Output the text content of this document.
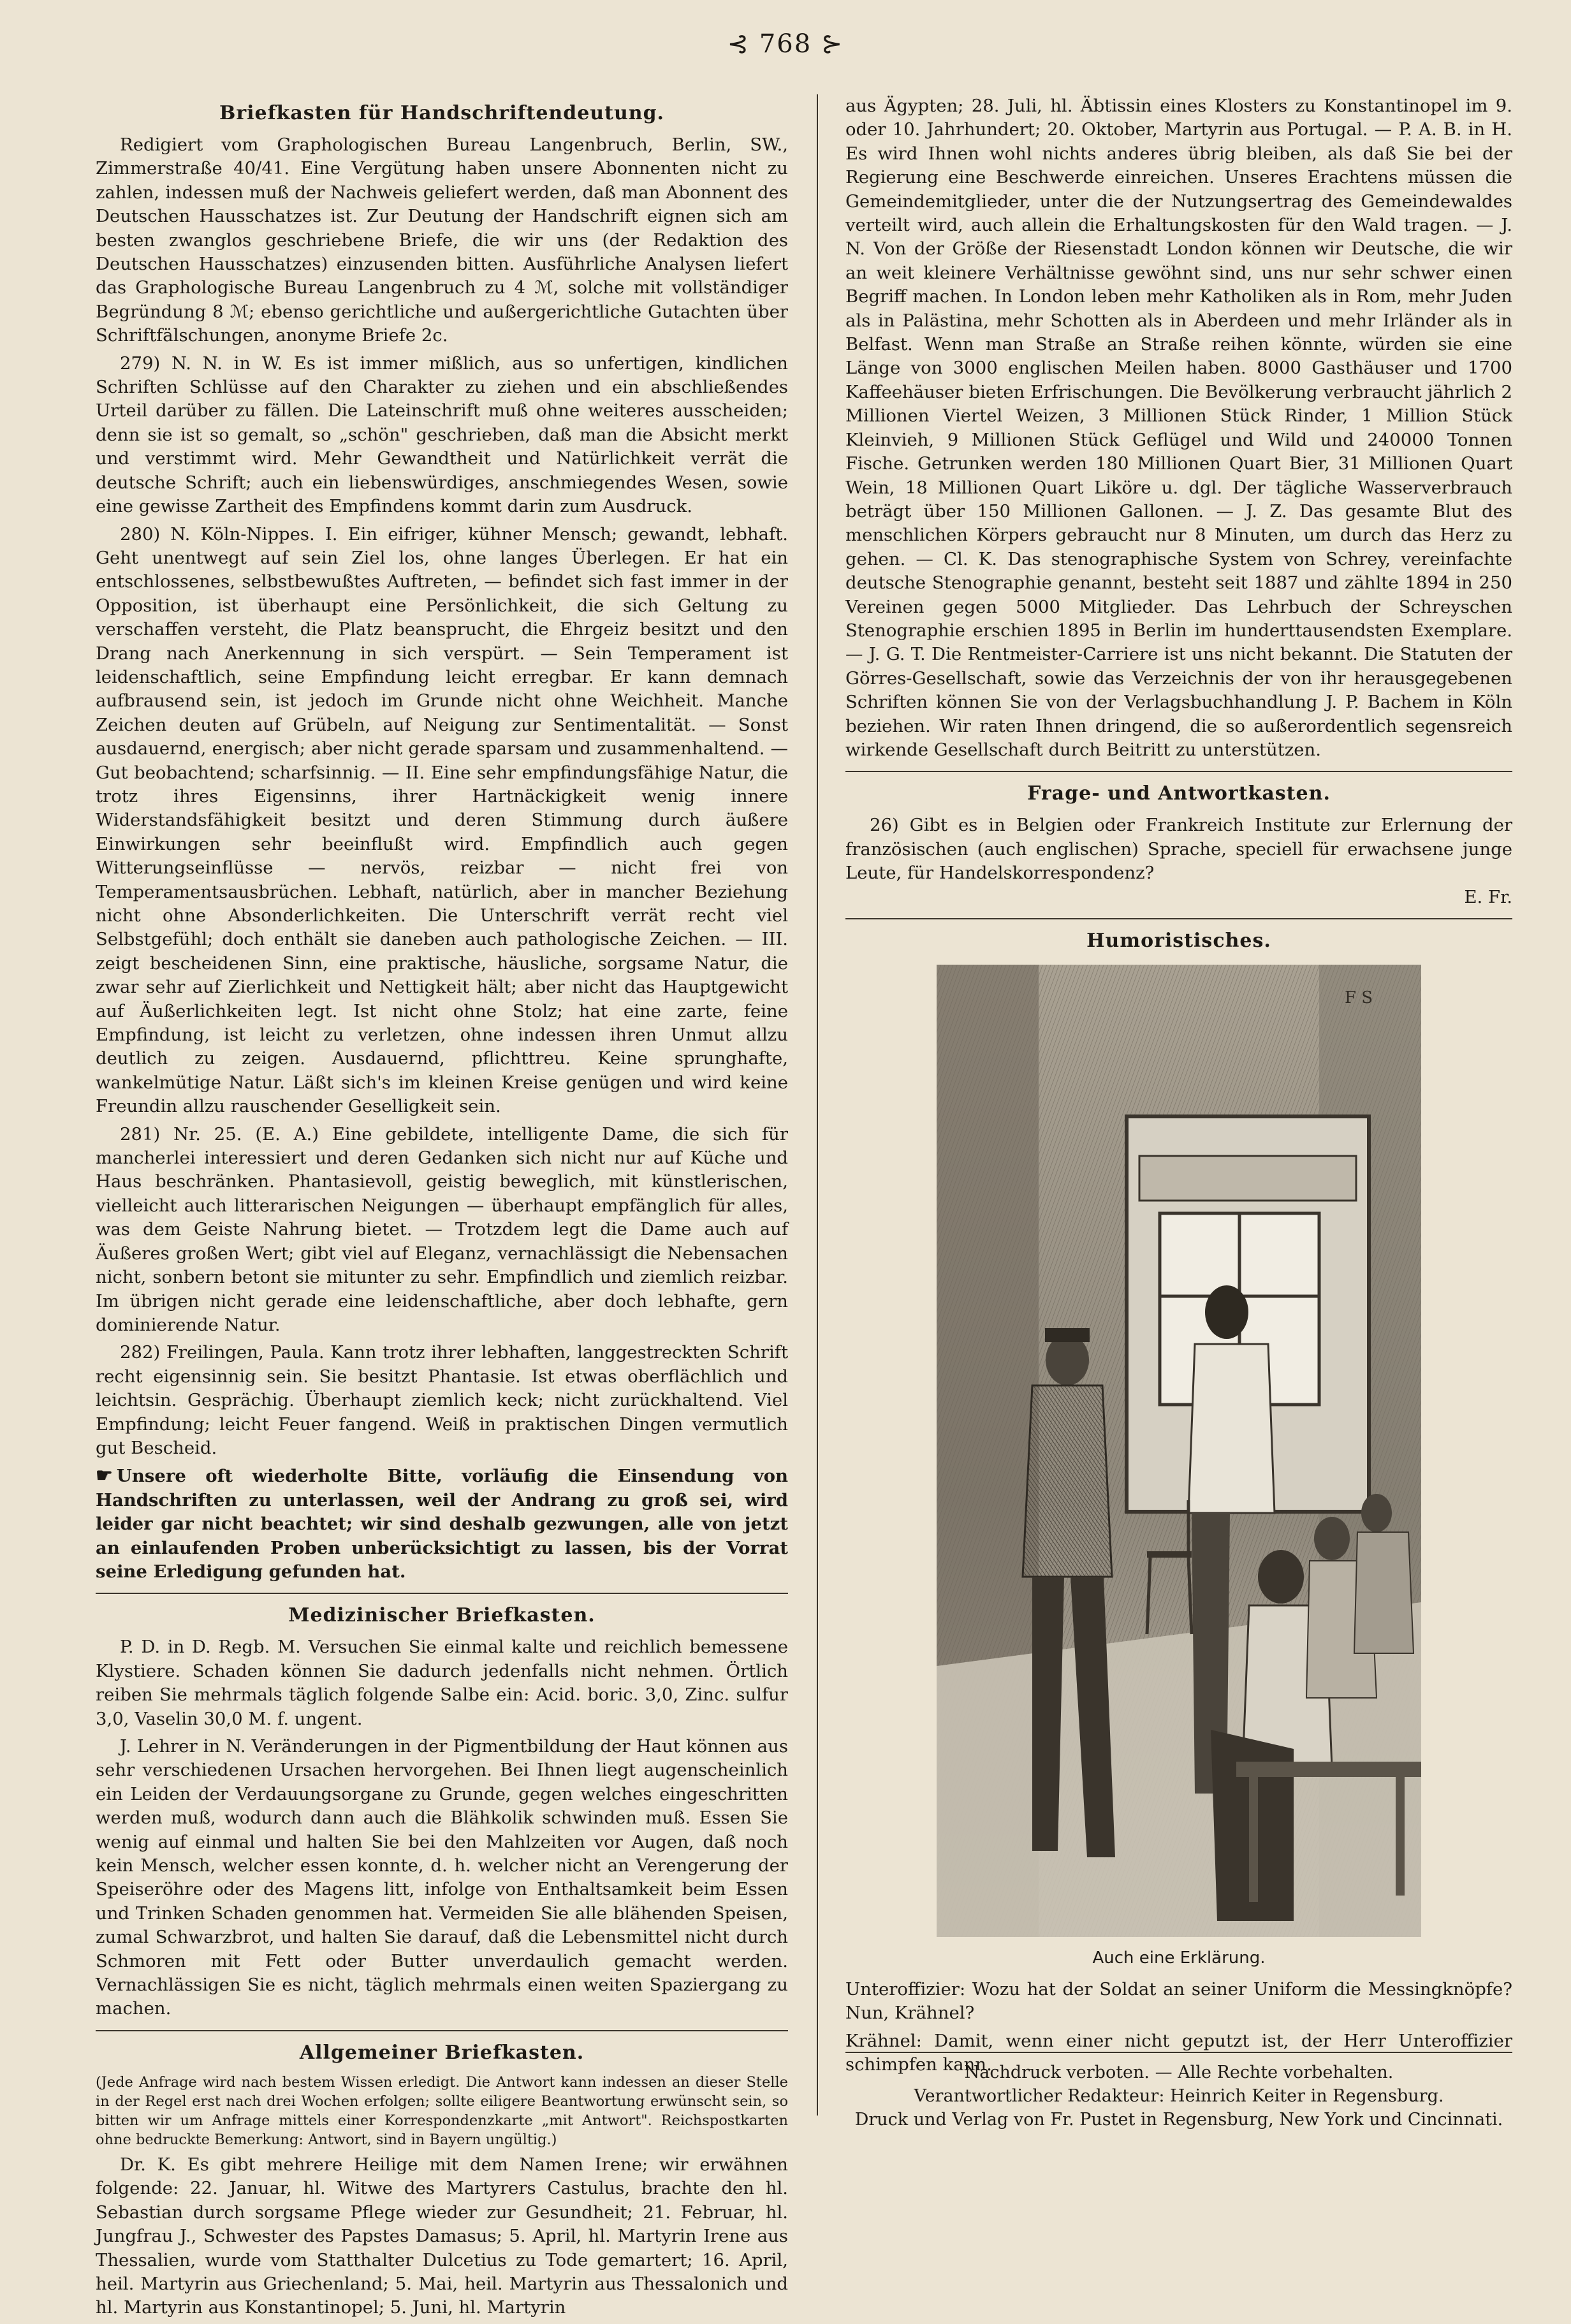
⊰ 768 ⊱
Briefkasten für Handschriftendeutung.

Redigiert vom Graphologischen Bureau Langenbruch, Berlin, SW., Zimmerstraße 40/41. Eine Vergütung haben unsere Abonnenten nicht zu zahlen, indessen muß der Nachweis geliefert werden, daß man Abonnent des Deutschen Hausschatzes ist. Zur Deutung der Handschrift eignen sich am besten zwanglos geschriebene Briefe, die wir uns (der Redaktion des Deutschen Hausschatzes) einzusenden bitten. Ausführliche Analysen liefert das Graphologische Bureau Langenbruch zu 4 ℳ, solche mit vollständiger Begründung 8 ℳ; ebenso gerichtliche und außergerichtliche Gutachten über Schriftfälschungen, anonyme Briefe 2c.

279) N. N. in W. Es ist immer mißlich, aus so unfertigen, kindlichen Schriften Schlüsse auf den Charakter zu ziehen und ein abschließendes Urteil darüber zu fällen. Die Lateinschrift muß ohne weiteres ausscheiden; denn sie ist so gemalt, so „schön" geschrieben, daß man die Absicht merkt und verstimmt wird. Mehr Gewandtheit und Natürlichkeit verrät die deutsche Schrift; auch ein liebenswürdiges, anschmiegendes Wesen, sowie eine gewisse Zartheit des Empfindens kommt darin zum Ausdruck.

280) N. Köln-Nippes. I. Ein eifriger, kühner Mensch; gewandt, lebhaft. Geht unentwegt auf sein Ziel los, ohne langes Überlegen. Er hat ein entschlossenes, selbstbewußtes Auftreten, — befindet sich fast immer in der Opposition, ist überhaupt eine Persönlichkeit, die sich Geltung zu verschaffen versteht, die Platz beansprucht, die Ehrgeiz besitzt und den Drang nach Anerkennung in sich verspürt. — Sein Temperament ist leidenschaftlich, seine Empfindung leicht erregbar. Er kann demnach aufbrausend sein, ist jedoch im Grunde nicht ohne Weichheit. Manche Zeichen deuten auf Grübeln, auf Neigung zur Sentimentalität. — Sonst ausdauernd, energisch; aber nicht gerade sparsam und zusammenhaltend. — Gut beobachtend; scharfsinnig. — II. Eine sehr empfindungsfähige Natur, die trotz ihres Eigensinns, ihrer Hartnäckigkeit wenig innere Widerstandsfähigkeit besitzt und deren Stimmung durch äußere Einwirkungen sehr beeinflußt wird. Empfindlich auch gegen Witterungseinflüsse — nervös, reizbar — nicht frei von Temperamentsausbrüchen. Lebhaft, natürlich, aber in mancher Beziehung nicht ohne Absonderlichkeiten. Die Unterschrift verrät recht viel Selbstgefühl; doch enthält sie daneben auch pathologische Zeichen. — III. zeigt bescheidenen Sinn, eine praktische, häusliche, sorgsame Natur, die zwar sehr auf Zierlichkeit und Nettigkeit hält; aber nicht das Hauptgewicht auf Äußerlichkeiten legt. Ist nicht ohne Stolz; hat eine zarte, feine Empfindung, ist leicht zu verletzen, ohne indessen ihren Unmut allzu deutlich zu zeigen. Ausdauernd, pflichttreu. Keine sprunghafte, wankelmütige Natur. Läßt sich's im kleinen Kreise genügen und wird keine Freundin allzu rauschender Geselligkeit sein.

281) Nr. 25. (E. A.) Eine gebildete, intelligente Dame, die sich für mancherlei interessiert und deren Gedanken sich nicht nur auf Küche und Haus beschränken. Phantasievoll, geistig beweglich, mit künstlerischen, vielleicht auch litterarischen Neigungen — überhaupt empfänglich für alles, was dem Geiste Nahrung bietet. — Trotzdem legt die Dame auch auf Äußeres großen Wert; gibt viel auf Eleganz, vernachlässigt die Nebensachen nicht, sonbern betont sie mitunter zu sehr. Empfindlich und ziemlich reizbar. Im übrigen nicht gerade eine leidenschaftliche, aber doch lebhafte, gern dominierende Natur.

282) Freilingen, Paula. Kann trotz ihrer lebhaften, langgestreckten Schrift recht eigensinnig sein. Sie besitzt Phantasie. Ist etwas oberflächlich und leichtsin. Gesprächig. Überhaupt ziemlich keck; nicht zurückhaltend. Viel Empfindung; leicht Feuer fangend. Weiß in praktischen Dingen vermutlich gut Bescheid.

☛ Unsere oft wiederholte Bitte, vorläufig die Einsendung von Handschriften zu unterlassen, weil der Andrang zu groß sei, wird leider gar nicht beachtet; wir sind deshalb gezwungen, alle von jetzt an einlaufenden Proben unberücksichtigt zu lassen, bis der Vorrat seine Erledigung gefunden hat.

Medizinischer Briefkasten.

P. D. in D. Regb. M. Versuchen Sie einmal kalte und reichlich bemessene Klystiere. Schaden können Sie dadurch jedenfalls nicht nehmen. Örtlich reiben Sie mehrmals täglich folgende Salbe ein: Acid. boric. 3,0, Zinc. sulfur 3,0, Vaselin 30,0 M. f. ungent.

J. Lehrer in N. Veränderungen in der Pigmentbildung der Haut können aus sehr verschiedenen Ursachen hervorgehen. Bei Ihnen liegt augenscheinlich ein Leiden der Verdauungsorgane zu Grunde, gegen welches eingeschritten werden muß, wodurch dann auch die Blähkolik schwinden muß. Essen Sie wenig auf einmal und halten Sie bei den Mahlzeiten vor Augen, daß noch kein Mensch, welcher essen konnte, d. h. welcher nicht an Verengerung der Speiseröhre oder des Magens litt, infolge von Enthaltsamkeit beim Essen und Trinken Schaden genommen hat. Vermeiden Sie alle blähenden Speisen, zumal Schwarzbrot, und halten Sie darauf, daß die Lebensmittel nicht durch Schmoren mit Fett oder Butter unverdaulich gemacht werden. Vernachlässigen Sie es nicht, täglich mehrmals einen weiten Spaziergang zu machen.

Allgemeiner Briefkasten.

(Jede Anfrage wird nach bestem Wissen erledigt. Die Antwort kann indessen an dieser Stelle in der Regel erst nach drei Wochen erfolgen; sollte eiligere Beantwortung erwünscht sein, so bitten wir um Anfrage mittels einer Korrespondenzkarte „mit Antwort". Reichspostkarten ohne bedruckte Bemerkung: Antwort, sind in Bayern ungültig.)

Dr. K. Es gibt mehrere Heilige mit dem Namen Irene; wir erwähnen folgende: 22. Januar, hl. Witwe des Martyrers Castulus, brachte den hl. Sebastian durch sorgsame Pflege wieder zur Gesundheit; 21. Februar, hl. Jungfrau J., Schwester des Papstes Damasus; 5. April, hl. Martyrin Irene aus Thessalien, wurde vom Statthalter Dulcetius zu Tode gemartert; 16. April, heil. Martyrin aus Griechenland; 5. Mai, heil. Martyrin aus Thessalonich und hl. Martyrin aus Konstantinopel; 5. Juni, hl. Martyrin

aus Ägypten; 28. Juli, hl. Äbtissin eines Klosters zu Konstantinopel im 9. oder 10. Jahrhundert; 20. Oktober, Martyrin aus Portugal. — P. A. B. in H. Es wird Ihnen wohl nichts anderes übrig bleiben, als daß Sie bei der Regierung eine Beschwerde einreichen. Unseres Erachtens müssen die Gemeindemitglieder, unter die der Nutzungsertrag des Gemeindewaldes verteilt wird, auch allein die Erhaltungskosten für den Wald tragen. — J. N. Von der Größe der Riesenstadt London können wir Deutsche, die wir an weit kleinere Verhältnisse gewöhnt sind, uns nur sehr schwer einen Begriff machen. In London leben mehr Katholiken als in Rom, mehr Juden als in Palästina, mehr Schotten als in Aberdeen und mehr Irländer als in Belfast. Wenn man Straße an Straße reihen könnte, würden sie eine Länge von 3000 englischen Meilen haben. 8000 Gasthäuser und 1700 Kaffeehäuser bieten Erfrischungen. Die Bevölkerung verbraucht jährlich 2 Millionen Viertel Weizen, 3 Millionen Stück Rinder, 1 Million Stück Kleinvieh, 9 Millionen Stück Geflügel und Wild und 240000 Tonnen Fische. Getrunken werden 180 Millionen Quart Bier, 31 Millionen Quart Wein, 18 Millionen Quart Liköre u. dgl. Der tägliche Wasserverbrauch beträgt über 150 Millionen Gallonen. — J. Z. Das gesamte Blut des menschlichen Körpers gebraucht nur 8 Minuten, um durch das Herz zu gehen. — Cl. K. Das stenographische System von Schrey, vereinfachte deutsche Stenographie genannt, besteht seit 1887 und zählte 1894 in 250 Vereinen gegen 5000 Mitglieder. Das Lehrbuch der Schreyschen Stenographie erschien 1895 in Berlin im hunderttausendsten Exemplare. — J. G. T. Die Rentmeister-Carriere ist uns nicht bekannt. Die Statuten der Görres-Gesellschaft, sowie das Verzeichnis der von ihr herausgegebenen Schriften können Sie von der Verlagsbuchhandlung J. P. Bachem in Köln beziehen. Wir raten Ihnen dringend, die so außerordentlich segensreich wirkende Gesellschaft durch Beitritt zu unterstützen.

Frage- und Antwortkasten.

26) Gibt es in Belgien oder Frankreich Institute zur Erlernung der französischen (auch englischen) Sprache, speciell für erwachsene junge Leute, für Handelskorrespondenz?
E. Fr.

Humoristisches.
F S
Auch eine Erklärung.

Unteroffizier: Wozu hat der Soldat an seiner Uniform die Messingknöpfe? Nun, Krähnel?

Krähnel: Damit, wenn einer nicht geputzt ist, der Herr Unteroffizier schimpfen kann.

Nachdruck verboten. — Alle Rechte vorbehalten.
Verantwortlicher Redakteur: Heinrich Keiter in Regensburg.
Druck und Verlag von Fr. Pustet in Regensburg, New York und Cincinnati.
